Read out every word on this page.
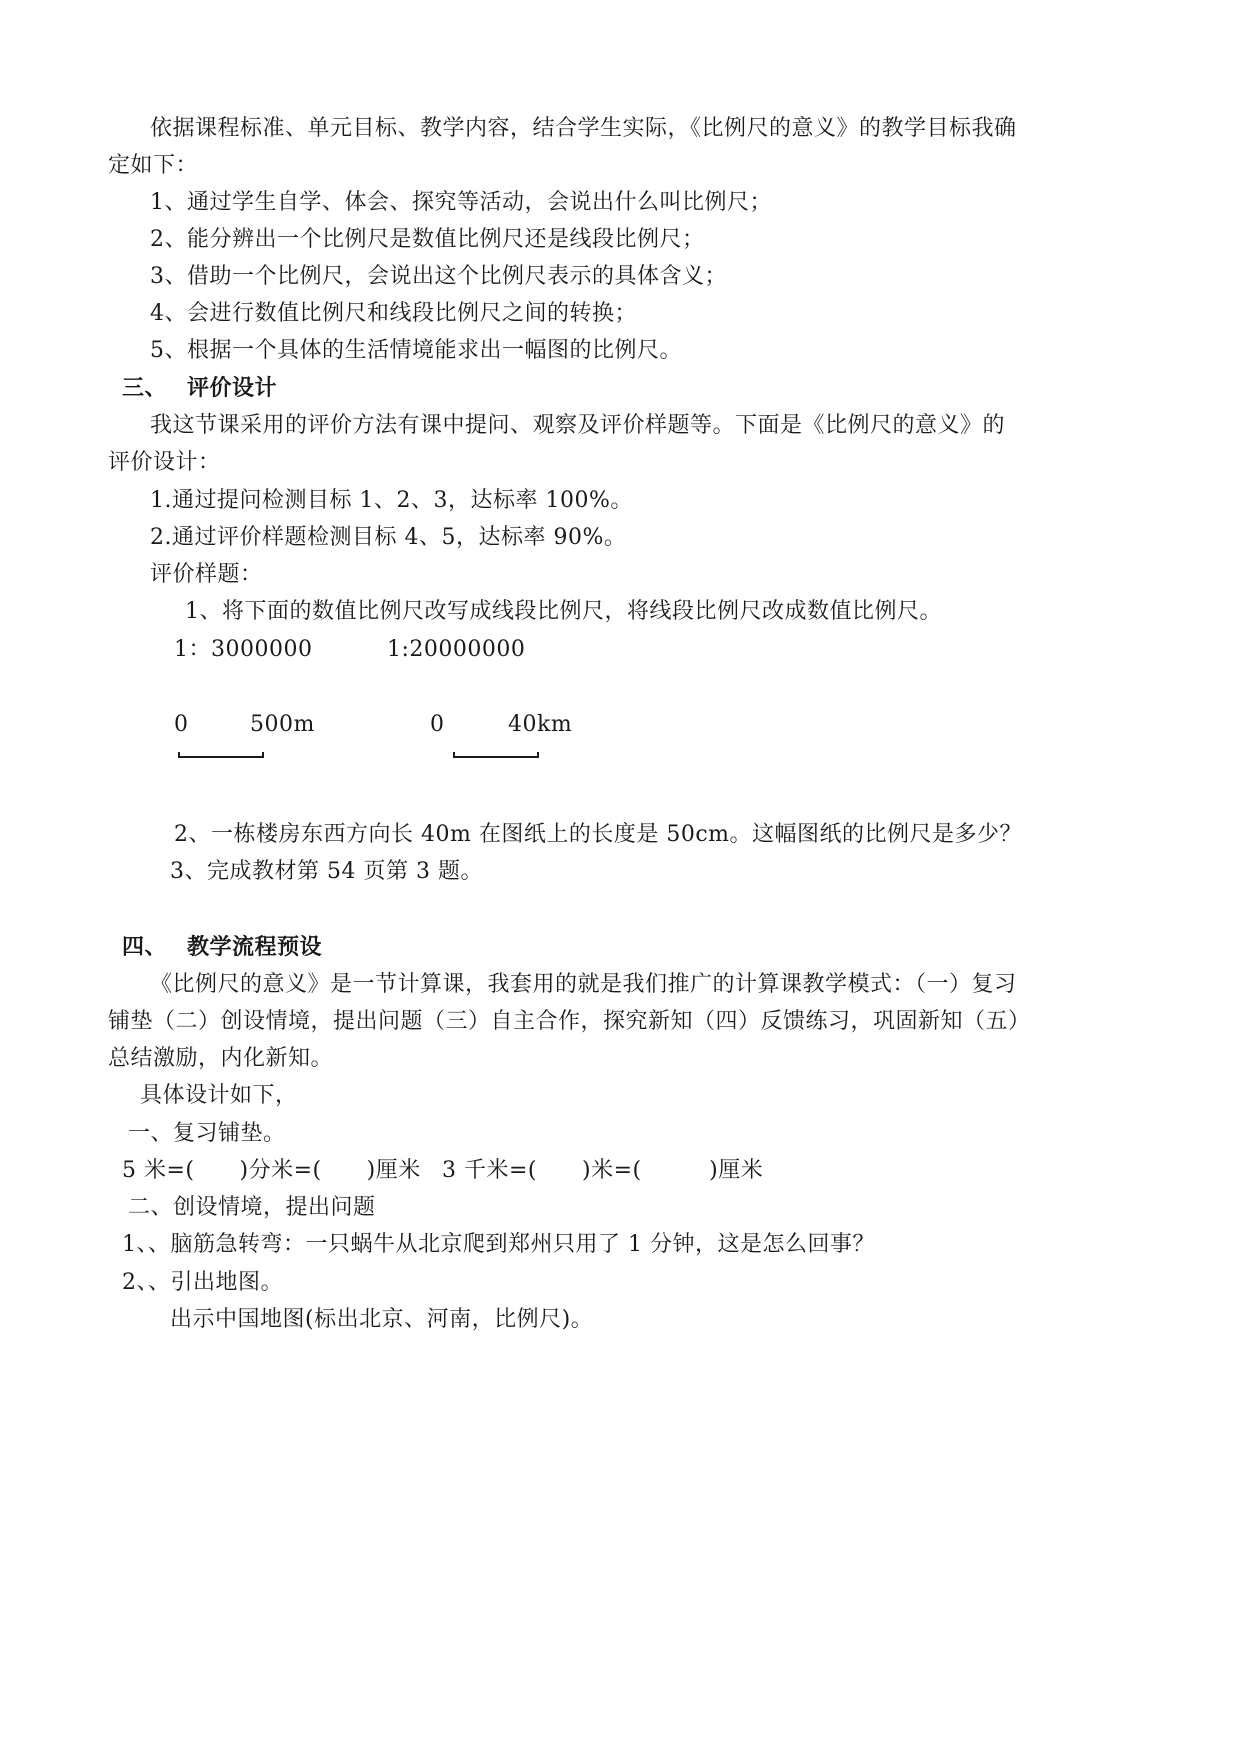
依据课程标准、单元目标、教学内容，结合学生实际，《比例尺的意义》的教学目标我确
定如下：
1、通过学生自学、体会、探究等活动，会说出什么叫比例尺；
2、能分辨出一个比例尺是数值比例尺还是线段比例尺；
3、借助一个比例尺，会说出这个比例尺表示的具体含义；
4、会进行数值比例尺和线段比例尺之间的转换；
5、根据一个具体的生活情境能求出一幅图的比例尺。
三、 评价设计
我这节课采用的评价方法有课中提问、观察及评价样题等。下面是《比例尺的意义》的
评价设计：
1.通过提问检测目标 1、2、3，达标率 100%。
2.通过评价样题检测目标 4、5，达标率 90%。
评价样题：
1、将下面的数值比例尺改写成线段比例尺，将线段比例尺改成数值比例尺。
1：3000000	1:20000000
0	500m	0	40km
2、一栋楼房东西方向长 40m 在图纸上的长度是 50cm。这幅图纸的比例尺是多少？
3、完成教材第 54 页第 3 题。
四、 教学流程预设
《比例尺的意义》是一节计算课，我套用的就是我们推广的计算课教学模式：（一）复习
铺垫（二）创设情境，提出问题（三）自主合作，探究新知（四）反馈练习，巩固新知（五）
总结激励，内化新知。
具体设计如下，
一、复习铺垫。
5 米=(　　)分米=(　　)厘米 3 千米=(　　)米=(　　　)厘米
二、创设情境，提出问题
1、、脑筋急转弯：一只蜗牛从北京爬到郑州只用了 1 分钟，这是怎么回事？
2、、引出地图。
出示中国地图(标出北京、河南，比例尺)。
